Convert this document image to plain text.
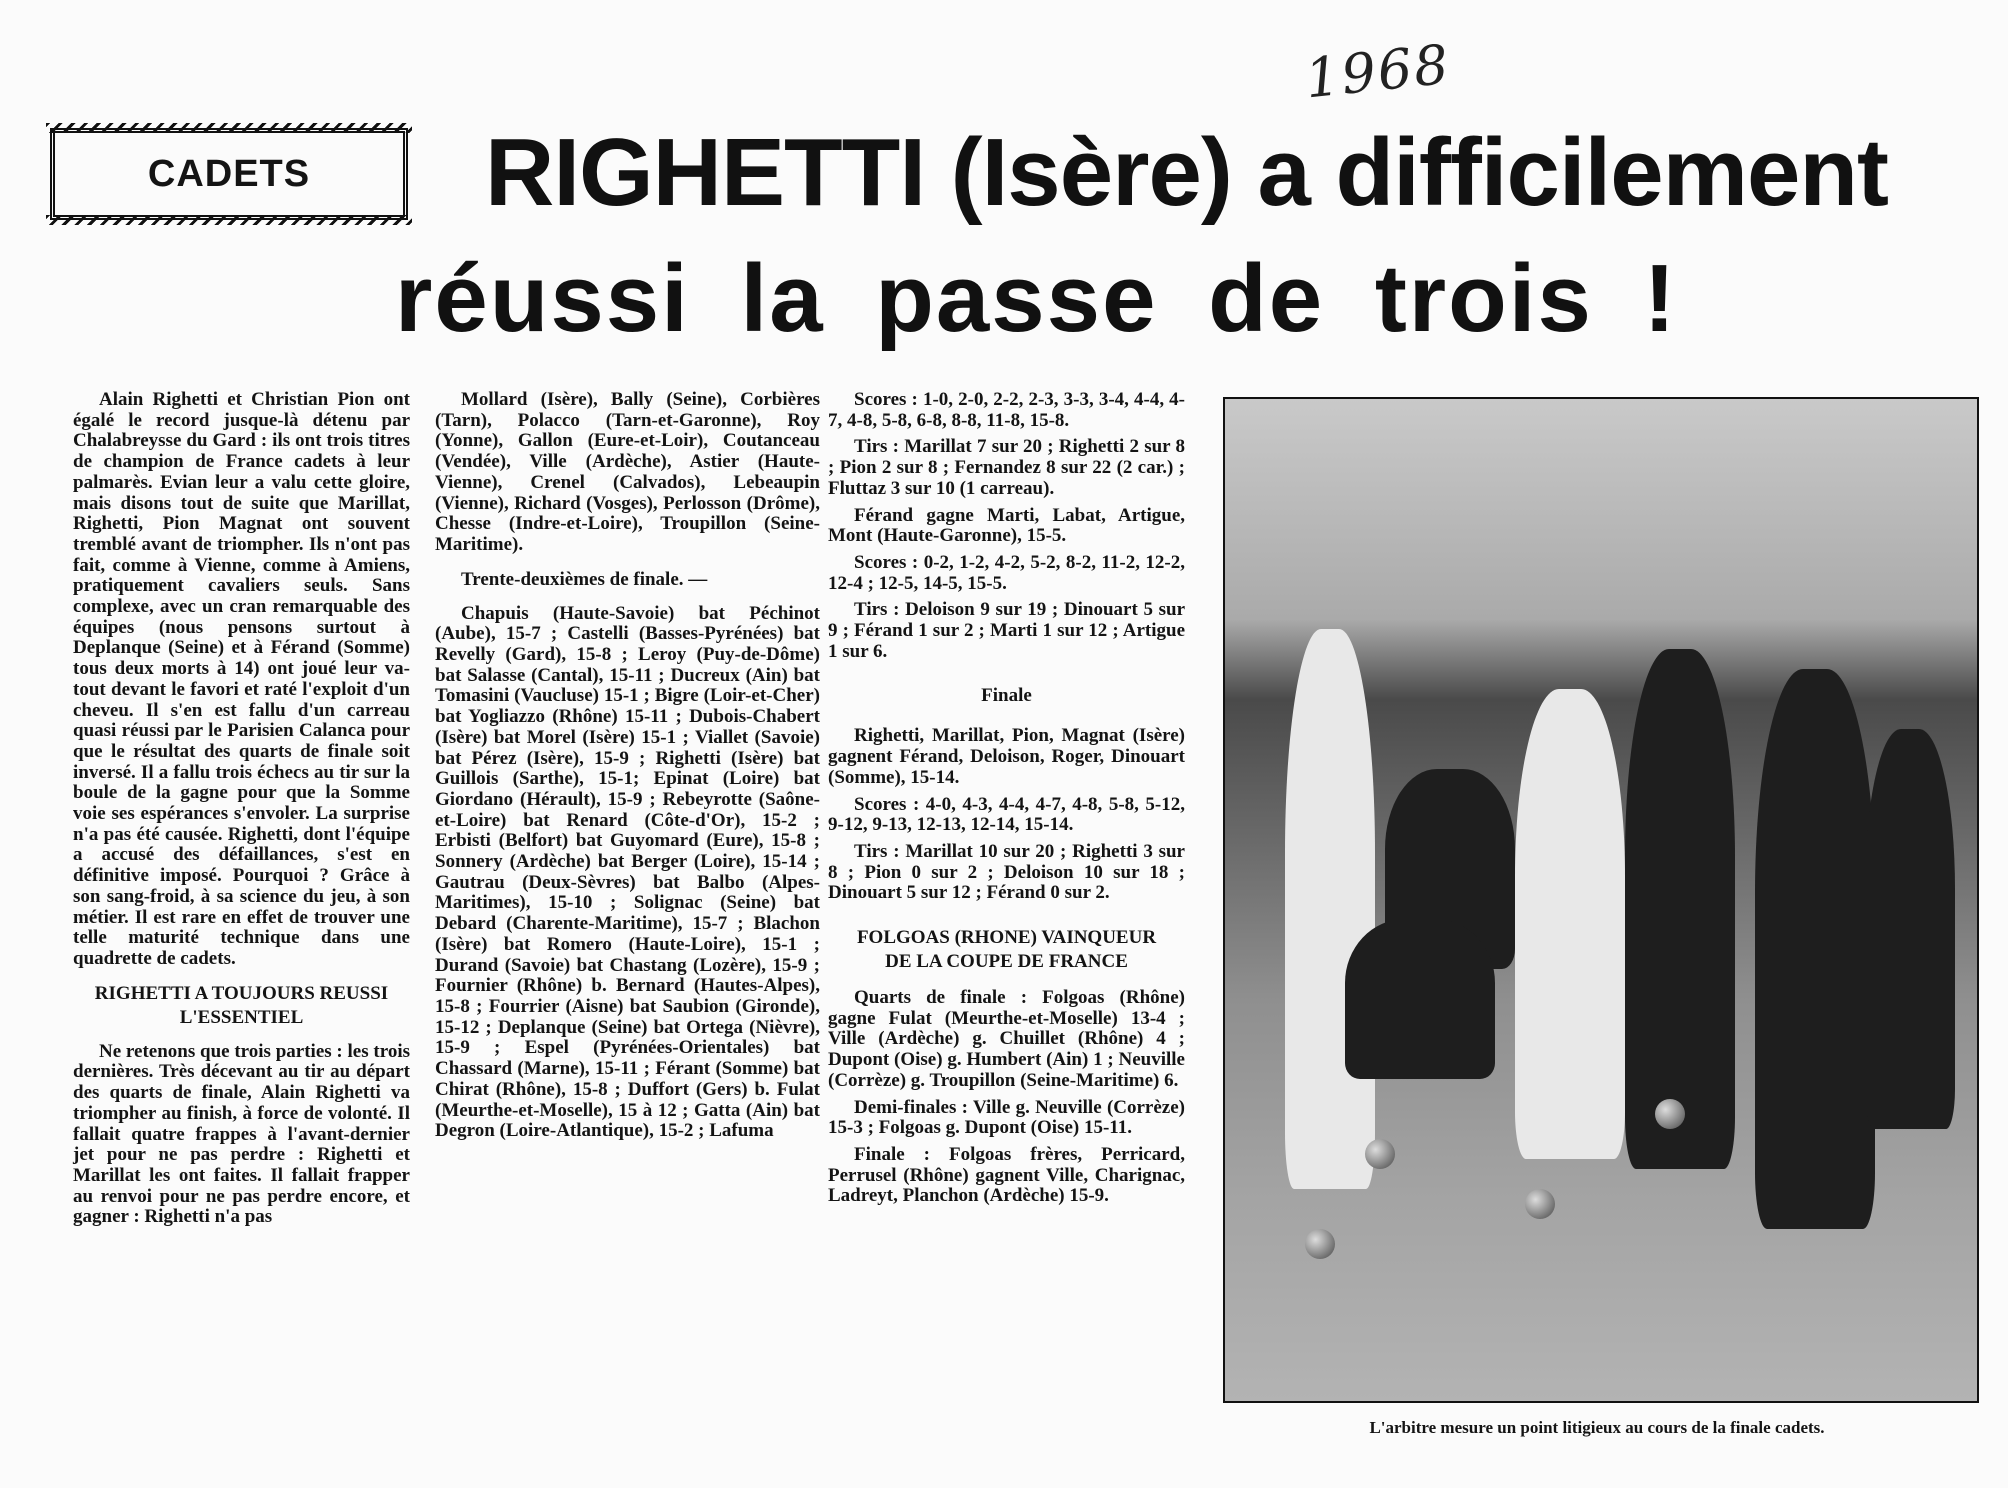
1968
CADETS RIGHETTI (Isère) a difficilement
réussi la passe de trois !

Alain Righetti et Christian Pion ont égalé le record jusque-là détenu par Chalabreysse du Gard : ils ont trois titres de champion de France cadets à leur palmarès. Evian leur a valu cette gloire, mais disons tout de suite que Marillat, Righetti, Pion Magnat ont souvent tremblé avant de triompher. Ils n'ont pas fait, comme à Vienne, comme à Amiens, pratiquement cavaliers seuls. Sans complexe, avec un cran remarquable des équipes (nous pensons surtout à Deplanque (Seine) et à Férand (Somme) tous deux morts à 14) ont joué leur va-tout devant le favori et raté l'exploit d'un cheveu. Il s'en est fallu d'un carreau quasi réussi par le Parisien Calanca pour que le résultat des quarts de finale soit inversé. Il a fallu trois échecs au tir sur la boule de la gagne pour que la Somme voie ses espérances s'envoler. La surprise n'a pas été causée. Righetti, dont l'équipe a accusé des défaillances, s'est en définitive imposé. Pourquoi ? Grâce à son sang-froid, à sa science du jeu, à son métier. Il est rare en effet de trouver une telle maturité technique dans une quadrette de cadets.

RIGHETTI A TOUJOURS REUSSI L'ESSENTIEL

Ne retenons que trois parties : les trois dernières. Très décevant au tir au départ des quarts de finale, Alain Righetti va triompher au finish, à force de volonté. Il fallait quatre frappes à l'avant-dernier jet pour ne pas perdre : Righetti et Marillat les ont faites. Il fallait frapper au renvoi pour ne pas perdre encore, et gagner : Righetti n'a pas

Mollard (Isère), Bally (Seine), Corbières (Tarn), Polacco (Tarn-et-Garonne), Roy (Yonne), Gallon (Eure-et-Loir), Coutanceau (Vendée), Ville (Ardèche), Astier (Haute-Vienne), Crenel (Calvados), Lebeaupin (Vienne), Richard (Vosges), Perlosson (Drôme), Chesse (Indre-et-Loire), Troupillon (Seine-Maritime).

Trente-deuxièmes de finale. —

Chapuis (Haute-Savoie) bat Péchinot (Aube), 15-7 ; Castelli (Basses-Pyrénées) bat Revelly (Gard), 15-8 ; Leroy (Puy-de-Dôme) bat Salasse (Cantal), 15-11 ; Ducreux (Ain) bat Tomasini (Vaucluse) 15-1 ; Bigre (Loir-et-Cher) bat Yogliazzo (Rhône) 15-11 ; Dubois-Chabert (Isère) bat Morel (Isère) 15-1 ; Viallet (Savoie) bat Pérez (Isère), 15-9 ; Righetti (Isère) bat Guillois (Sarthe), 15-1; Epinat (Loire) bat Giordano (Hérault), 15-9 ; Rebeyrotte (Saône-et-Loire) bat Renard (Côte-d'Or), 15-2 ; Erbisti (Belfort) bat Guyomard (Eure), 15-8 ; Sonnery (Ardèche) bat Berger (Loire), 15-14 ; Gautrau (Deux-Sèvres) bat Balbo (Alpes-Maritimes), 15-10 ; Solignac (Seine) bat Debard (Charente-Maritime), 15-7 ; Blachon (Isère) bat Romero (Haute-Loire), 15-1 ; Durand (Savoie) bat Chastang (Lozère), 15-9 ; Fournier (Rhône) b. Bernard (Hautes-Alpes), 15-8 ; Fourrier (Aisne) bat Saubion (Gironde), 15-12 ; Deplanque (Seine) bat Ortega (Nièvre), 15-9 ; Espel (Pyrénées-Orientales) bat Chassard (Marne), 15-11 ; Férant (Somme) bat Chirat (Rhône), 15-8 ; Duffort (Gers) b. Fulat (Meurthe-et-Moselle), 15 à 12 ; Gatta (Ain) bat Degron (Loire-Atlantique), 15-2 ; Lafuma

Scores : 1-0, 2-0, 2-2, 2-3, 3-3, 3-4, 4-4, 4-7, 4-8, 5-8, 6-8, 8-8, 11-8, 15-8.

Tirs : Marillat 7 sur 20 ; Righetti 2 sur 8 ; Pion 2 sur 8 ; Fernandez 8 sur 22 (2 car.) ; Fluttaz 3 sur 10 (1 carreau).

Férand gagne Marti, Labat, Artigue, Mont (Haute-Garonne), 15-5.

Scores : 0-2, 1-2, 4-2, 5-2, 8-2, 11-2, 12-2, 12-4 ; 12-5, 14-5, 15-5.

Tirs : Deloison 9 sur 19 ; Dinouart 5 sur 9 ; Férand 1 sur 2 ; Marti 1 sur 12 ; Artigue 1 sur 6.

Finale

Righetti, Marillat, Pion, Magnat (Isère) gagnent Férand, Deloison, Roger, Dinouart (Somme), 15-14.

Scores : 4-0, 4-3, 4-4, 4-7, 4-8, 5-8, 5-12, 9-12, 9-13, 12-13, 12-14, 15-14.

Tirs : Marillat 10 sur 20 ; Righetti 3 sur 8 ; Pion 0 sur 2 ; Deloison 10 sur 18 ; Dinouart 5 sur 12 ; Férand 0 sur 2.

FOLGOAS (RHONE) VAINQUEUR DE LA COUPE DE FRANCE

Quarts de finale : Folgoas (Rhône) gagne Fulat (Meurthe-et-Moselle) 13-4 ; Ville (Ardèche) g. Chuillet (Rhône) 4 ; Dupont (Oise) g. Humbert (Ain) 1 ; Neuville (Corrèze) g. Troupillon (Seine-Maritime) 6.

Demi-finales : Ville g. Neuville (Corrèze) 15-3 ; Folgoas g. Dupont (Oise) 15-11.

Finale : Folgoas frères, Perricard, Perrusel (Rhône) gagnent Ville, Charignac, Ladreyt, Planchon (Ardèche) 15-9.

L'arbitre mesure un point litigieux au cours de la finale cadets.
